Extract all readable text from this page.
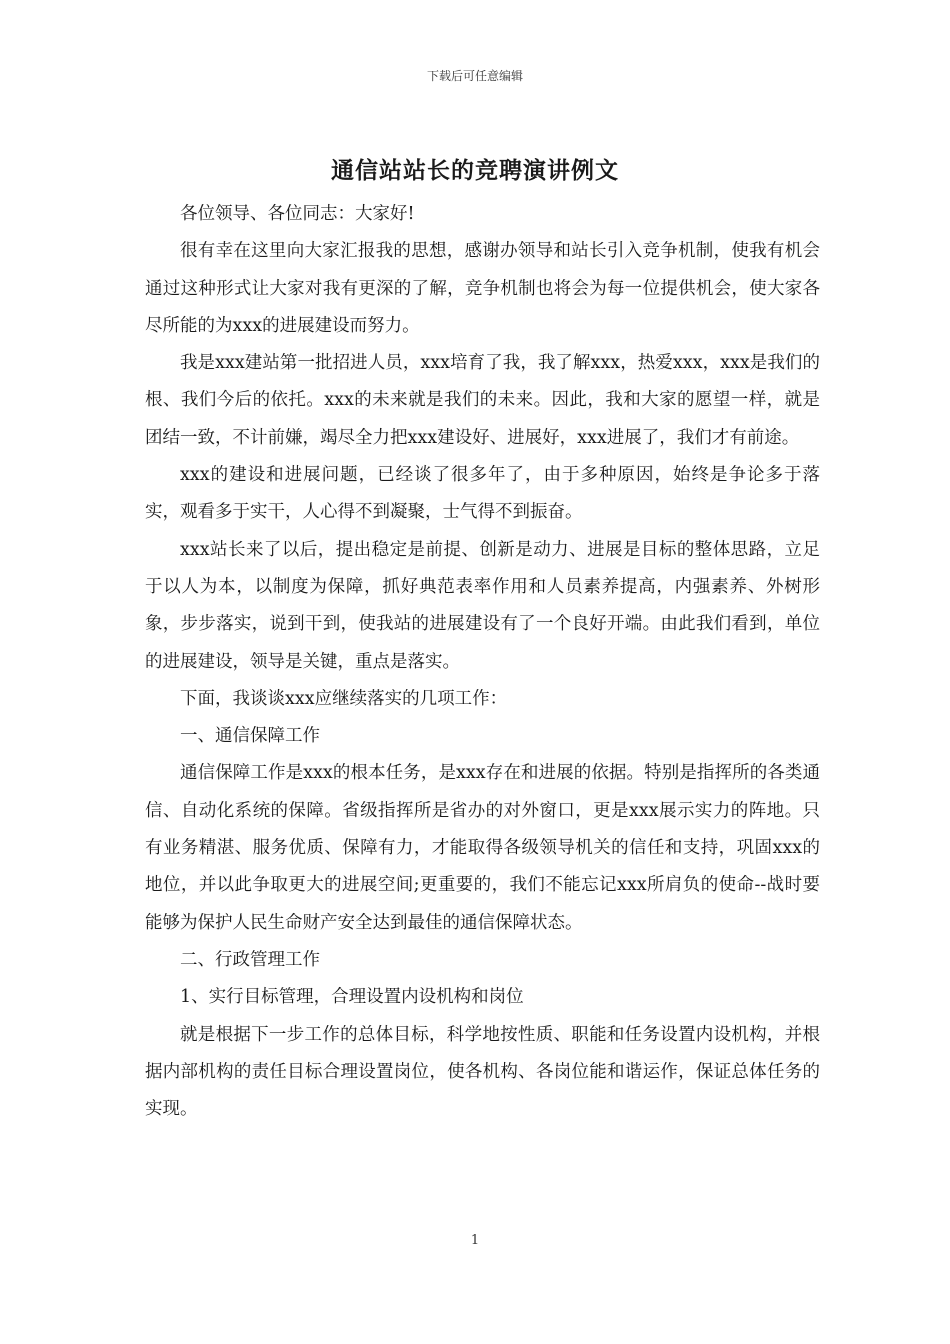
下载后可任意编辑
通信站站长的竞聘演讲例文

各位领导、各位同志：大家好!

很有幸在这里向大家汇报我的思想，感谢办领导和站长引入竞争机制，使我有机会通过这种形式让大家对我有更深的了解，竞争机制也将会为每一位提供机会，使大家各尽所能的为xxx的进展建设而努力。

我是xxx建站第一批招进人员，xxx培育了我，我了解xxx，热爱xxx，xxx是我们的根、我们今后的依托。xxx的未来就是我们的未来。因此，我和大家的愿望一样，就是团结一致，不计前嫌，竭尽全力把xxx建设好、进展好，xxx进展了，我们才有前途。

xxx的建设和进展问题，已经谈了很多年了，由于多种原因，始终是争论多于落实，观看多于实干，人心得不到凝聚，士气得不到振奋。

xxx站长来了以后，提出稳定是前提、创新是动力、进展是目标的整体思路，立足于以人为本，以制度为保障，抓好典范表率作用和人员素养提高，内强素养、外树形象，步步落实，说到干到，使我站的进展建设有了一个良好开端。由此我们看到，单位的进展建设，领导是关键，重点是落实。

下面，我谈谈xxx应继续落实的几项工作：

一、通信保障工作

通信保障工作是xxx的根本任务，是xxx存在和进展的依据。特别是指挥所的各类通信、自动化系统的保障。省级指挥所是省办的对外窗口，更是xxx展示实力的阵地。只有业务精湛、服务优质、保障有力，才能取得各级领导机关的信任和支持，巩固xxx的地位，并以此争取更大的进展空间;更重要的，我们不能忘记xxx所肩负的使命--战时要能够为保护人民生命财产安全达到最佳的通信保障状态。

二、行政管理工作

1、实行目标管理，合理设置内设机构和岗位

就是根据下一步工作的总体目标，科学地按性质、职能和任务设置内设机构，并根据内部机构的责任目标合理设置岗位，使各机构、各岗位能和谐运作，保证总体任务的实现。

1
